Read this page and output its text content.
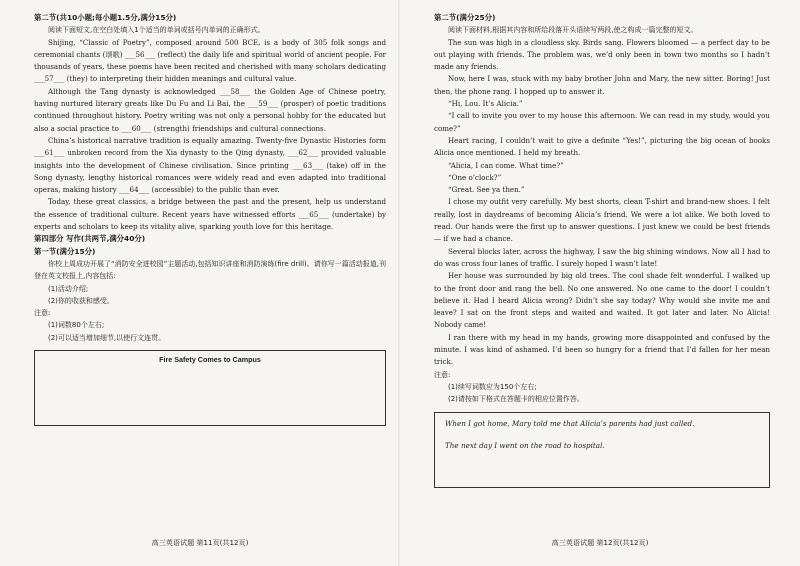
第二节(共10小题;每小题1.5分,满分15分)

阅读下面短文,在空白处填入1个适当的单词或括号内单词的正确形式。

Shijing, “Classic of Poetry”, composed around 500 BCE, is a body of 305 folk songs and ceremonial chants (颂歌) ___56___ (reflect) the daily life and spiritual world of ancient people. For thousands of years, these poems have been recited and cherished with many scholars dedicating ___57___ (they) to interpreting their hidden meanings and cultural value.

Although the Tang dynasty is acknowledged ___58___ the Golden Age of Chinese poetry, having nurtured literary greats like Du Fu and Li Bai, the ___59___ (prosper) of poetic traditions continued throughout history. Poetry writing was not only a personal hobby for the educated but also a social practice to ___60___ (strength) friendships and cultural connections.

China’s historical narrative tradition is equally amazing. Twenty-five Dynastic Histories form ___61___ unbroken record from the Xia dynasty to the Qing dynasty, ___62___ provided valuable insights into the development of Chinese civilisation. Since printing ___63___ (take) off in the Song dynasty, lengthy historical romances were widely read and even adapted into traditional operas, making history ___64___ (accessible) to the public than ever.

Today, these great classics, a bridge between the past and the present, help us understand the essence of traditional culture. Recent years have witnessed efforts ___65___ (undertake) by experts and scholars to keep its vitality alive, sparking youth love for this heritage.

第四部分 写作(共两节,满分40分)

第一节(满分15分)

你校上周成功开展了“消防安全进校园”主题活动,包括知识讲座和消防演练(fire drill)。请你写一篇活动报道,刊登在英文校报上,内容包括:

(1)活动介绍;

(2)你的收获和感受。

注意:

(1)词数80个左右;

(2)可以适当增加细节,以使行文连贯。

Fire Safety Comes to Campus
高三英语试题 第11页(共12页)

第二节(满分25分)

阅读下面材料,根据其内容和所给段落开头语续写两段,使之构成一篇完整的短文。

The sun was high in a cloudless sky. Birds sang. Flowers bloomed — a perfect day to be out playing with friends. The problem was, we’d only been in town two months so I hadn’t made any friends.

Now, here I was, stuck with my baby brother John and Mary, the new sitter. Boring! Just then, the phone rang. I hopped up to answer it.

“Hi, Lou. It’s Alicia.”

“I call to invite you over to my house this afternoon. We can read in my study, would you come?”

Heart racing, I couldn’t wait to give a definite “Yes!”, picturing the big ocean of books Alicia once mentioned. I held my breath.

“Alicia, I can come. What time?”

“One o’clock?”

“Great. See ya then.”

I chose my outfit very carefully. My best shorts, clean T-shirt and brand-new shoes. I felt really, lost in daydreams of becoming Alicia’s friend. We were a lot alike. We both loved to read. Our hands were the first up to answer questions. I just knew we could be best friends — if we had a chance.

Several blocks later, across the highway, I saw the big shining windows. Now all I had to do was cross four lanes of traffic. I surely hoped I wasn’t late!

Her house was surrounded by big old trees. The cool shade felt wonderful. I walked up to the front door and rang the bell. No one answered. No one came to the door! I couldn’t believe it. Had I heard Alicia wrong? Didn’t she say today? Why would she invite me and leave? I sat on the front steps and waited and waited. It got later and later. No Alicia! Nobody came!

I ran there with my head in my hands, growing more disappointed and confused by the minute. I was kind of ashamed. I’d been so hungry for a friend that I’d fallen for her mean trick.

注意:

(1)续写词数应为150个左右;

(2)请按如下格式在答题卡的相应位置作答。

When I got home, Mary told me that Alicia’s parents had just called.
The next day I went on the road to hospital.
高三英语试题 第12页(共12页)
